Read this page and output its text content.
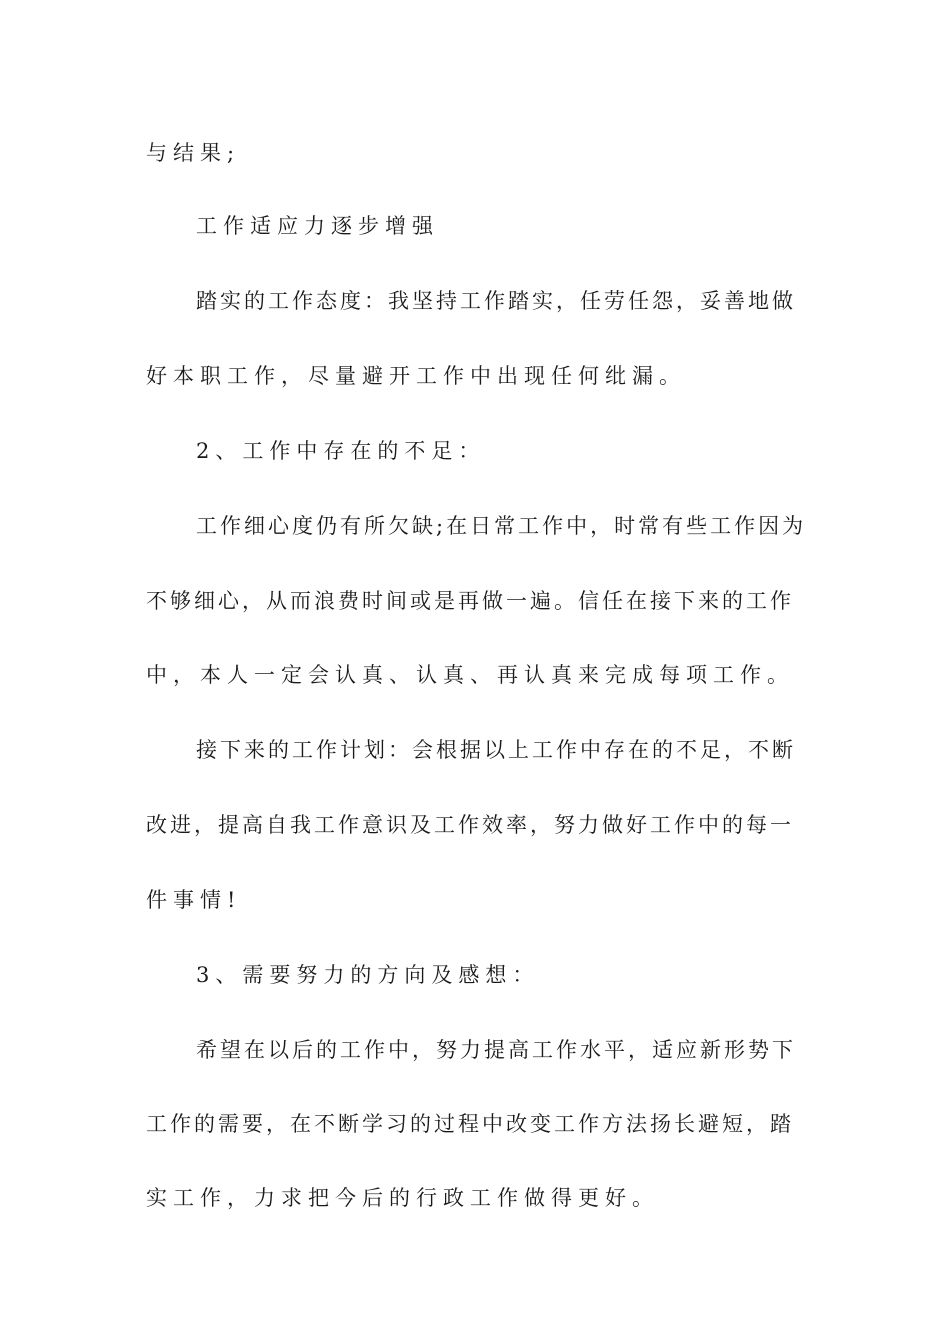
与结果;
工作适应力逐步增强
踏实的工作态度：我坚持工作踏实，任劳任怨，妥善地做
好本职工作，尽量避开工作中出现任何纰漏。
2、工作中存在的不足：
工作细心度仍有所欠缺;在日常工作中，时常有些工作因为
不够细心，从而浪费时间或是再做一遍。信任在接下来的工作
中，本人一定会认真、认真、再认真来完成每项工作。
接下来的工作计划：会根据以上工作中存在的不足，不断
改进，提高自我工作意识及工作效率，努力做好工作中的每一
件事情!
3、需要努力的方向及感想：
希望在以后的工作中，努力提高工作水平，适应新形势下
工作的需要，在不断学习的过程中改变工作方法扬长避短，踏
实工作，力求把今后的行政工作做得更好。
